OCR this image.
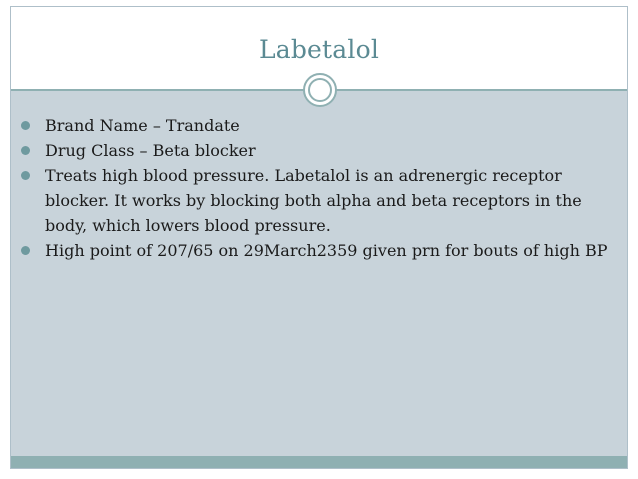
Labetalol
Brand Name – Trandate
Drug Class – Beta blocker
Treats high blood pressure. Labetalol is an adrenergic receptor blocker. It works by blocking both alpha and beta receptors in the body, which lowers blood pressure.
High point of 207/65 on 29March2359 given prn for bouts of high BP
